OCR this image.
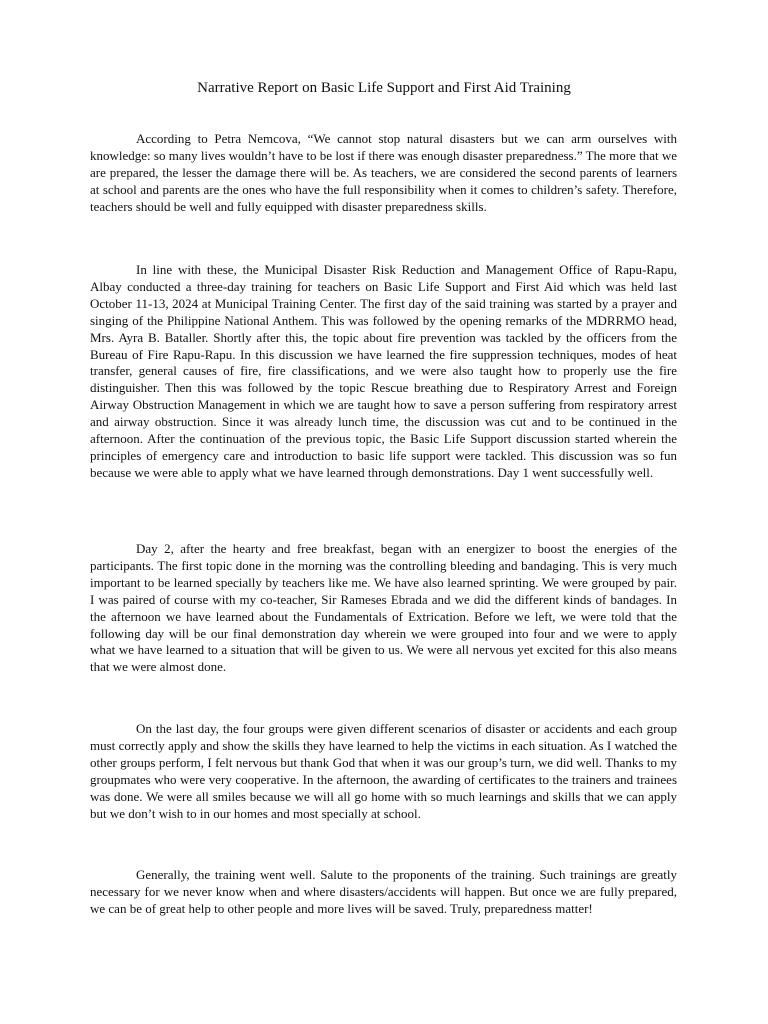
Narrative Report on Basic Life Support and First Aid Training

According to Petra Nemcova, “We cannot stop natural disasters but we can arm ourselves with knowledge: so many lives wouldn’t have to be lost if there was enough disaster preparedness.” The more that we are prepared, the lesser the damage there will be. As teachers, we are considered the second parents of learners at school and parents are the ones who have the full responsibility when it comes to children’s safety. Therefore, teachers should be well and fully equipped with disaster preparedness skills.

In line with these, the Municipal Disaster Risk Reduction and Management Office of Rapu-Rapu, Albay conducted a three-day training for teachers on Basic Life Support and First Aid which was held last October 11-13, 2024 at Municipal Training Center. The first day of the said training was started by a prayer and singing of the Philippine National Anthem. This was followed by the opening remarks of the MDRRMO head, Mrs. Ayra B. Bataller. Shortly after this, the topic about fire prevention was tackled by the officers from the Bureau of Fire Rapu-Rapu. In this discussion we have learned the fire suppression techniques, modes of heat transfer, general causes of fire, fire classifications, and we were also taught how to properly use the fire distinguisher. Then this was followed by the topic Rescue breathing due to Respiratory Arrest and Foreign Airway Obstruction Management in which we are taught how to save a person suffering from respiratory arrest and airway obstruction. Since it was already lunch time, the discussion was cut and to be continued in the afternoon. After the continuation of the previous topic, the Basic Life Support discussion started wherein the principles of emergency care and introduction to basic life support were tackled. This discussion was so fun because we were able to apply what we have learned through demonstrations. Day 1 went successfully well.

Day 2, after the hearty and free breakfast, began with an energizer to boost the energies of the participants. The first topic done in the morning was the controlling bleeding and bandaging. This is very much important to be learned specially by teachers like me. We have also learned sprinting. We were grouped by pair. I was paired of course with my co-teacher, Sir Rameses Ebrada and we did the different kinds of bandages. In the afternoon we have learned about the Fundamentals of Extrication. Before we left, we were told that the following day will be our final demonstration day wherein we were grouped into four and we were to apply what we have learned to a situation that will be given to us. We were all nervous yet excited for this also means that we were almost done.

On the last day, the four groups were given different scenarios of disaster or accidents and each group must correctly apply and show the skills they have learned to help the victims in each situation. As I watched the other groups perform, I felt nervous but thank God that when it was our group’s turn, we did well. Thanks to my groupmates who were very cooperative. In the afternoon, the awarding of certificates to the trainers and trainees was done. We were all smiles because we will all go home with so much learnings and skills that we can apply but we don’t wish to in our homes and most specially at school.

Generally, the training went well. Salute to the proponents of the training. Such trainings are greatly necessary for we never know when and where disasters/accidents will happen. But once we are fully prepared, we can be of great help to other people and more lives will be saved. Truly, preparedness matter!
